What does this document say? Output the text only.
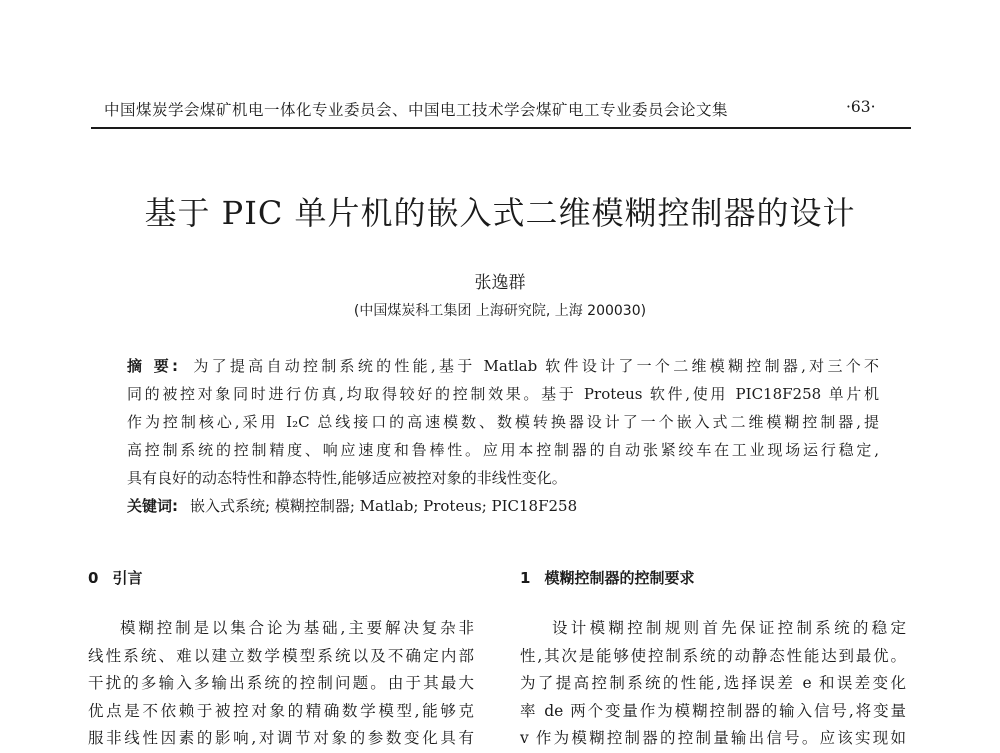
中国煤炭学会煤矿机电一体化专业委员会、中国电工技术学会煤矿电工专业委员会论文集	·63·
基于 PIC 单片机的嵌入式二维模糊控制器的设计
张逸群
(中国煤炭科工集团 上海研究院, 上海 200030)
摘 要: 为了提高自动控制系统的性能,基于 Matlab 软件设计了一个二维模糊控制器,对三个不
同的被控对象同时进行仿真,均取得较好的控制效果。基于 Proteus 软件,使用 PIC18F258 单片机
作为控制核心,采用 I₂C 总线接口的高速模数、数模转换器设计了一个嵌入式二维模糊控制器,提
高控制系统的控制精度、响应速度和鲁棒性。应用本控制器的自动张紧绞车在工业现场运行稳定,
具有良好的动态特性和静态特性,能够适应被控对象的非线性变化。
关键词: 嵌入式系统; 模糊控制器; Matlab; Proteus; PIC18F258
0 引言
模糊控制是以集合论为基础,主要解决复杂非
线性系统、难以建立数学模型系统以及不确定内部
干扰的多输入多输出系统的控制问题。由于其最大
优点是不依赖于被控对象的精确数学模型,能够克
服非线性因素的影响,对调节对象的参数变化具有
1 模糊控制器的控制要求
设计模糊控制规则首先保证控制系统的稳定
性,其次是能够使控制系统的动静态性能达到最优。
为了提高控制系统的性能,选择误差 e 和误差变化
率 de 两个变量作为模糊控制器的输入信号,将变量
v 作为模糊控制器的控制量输出信号。应该实现如
